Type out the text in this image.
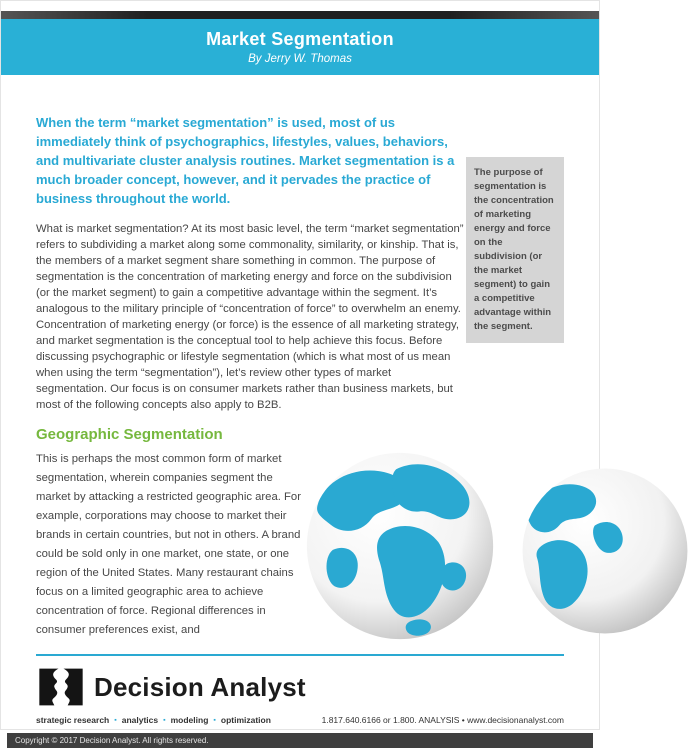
Market Segmentation
By Jerry W. Thomas

When the term “market segmentation” is used, most of us immediately think of psychographics, lifestyles, values, behaviors, and multivariate cluster analysis routines. Market segmentation is a much broader concept, however, and it pervades the practice of business throughout the world.

The purpose of segmentation is the concentration of marketing energy and force on the subdivision (or the market segment) to gain a competitive advantage within the segment.

What is market segmentation? At its most basic level, the term “market segmentation” refers to subdividing a market along some commonality, similarity, or kinship. That is, the members of a market segment share something in common. The purpose of segmentation is the concentration of marketing energy and force on the subdivision (or the market segment) to gain a competitive advantage within the segment. It’s analogous to the military principle of “concentration of force” to overwhelm an enemy. Concentration of marketing energy (or force) is the essence of all marketing strategy, and market segmentation is the conceptual tool to help achieve this focus. Before discussing psychographic or lifestyle segmentation (which is what most of us mean when using the term “segmentation”), let’s review other types of market segmentation. Our focus is on consumer markets rather than business markets, but most of the following concepts also apply to B2B.

Geographic Segmentation

This is perhaps the most common form of market segmentation, wherein companies segment the market by attacking a restricted geographic area. For example, corporations may choose to market their brands in certain countries, but not in others. A brand could be sold only in one market, one state, or one region of the United States. Many restaurant chains focus on a limited geographic area to achieve concentration of force. Regional differences in consumer preferences exist, and

Decision Analyst
strategic research ▪ analytics ▪ modeling ▪ optimization	1.817.640.6166 or 1.800. ANALYSIS • www.decisionanalyst.com
Copyright © 2017 Decision Analyst. All rights reserved.
